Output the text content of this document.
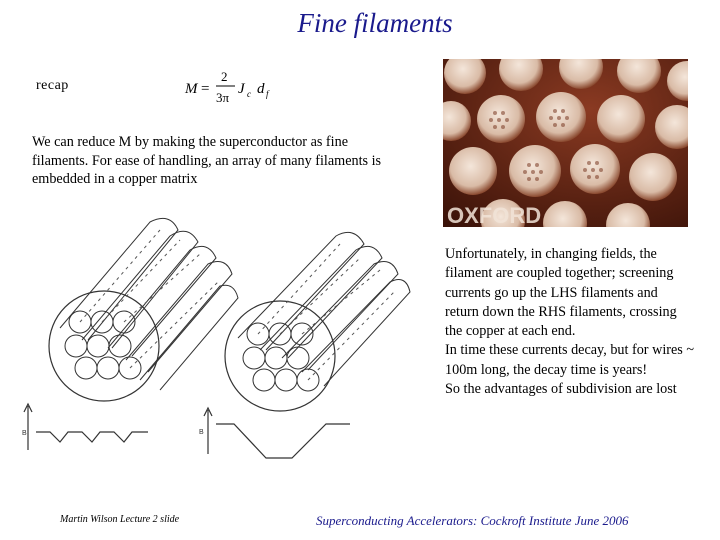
Fine filaments
recap	M =
2
3π
J c d f
We can reduce M by making the superconductor as fine filaments. For ease of handling, an array of many filaments is embedded in a copper matrix
OXFORD

Unfortunately, in changing fields, the filament are coupled together; screening currents go up the LHS filaments and return down the RHS filaments, crossing the copper at each end.

In time these currents decay, but for wires ~ 100m long, the decay time is years!

So the advantages of subdivision are lost

B	B
Martin Wilson Lecture 2 slide	Superconducting Accelerators: Cockroft Institute June 2006
